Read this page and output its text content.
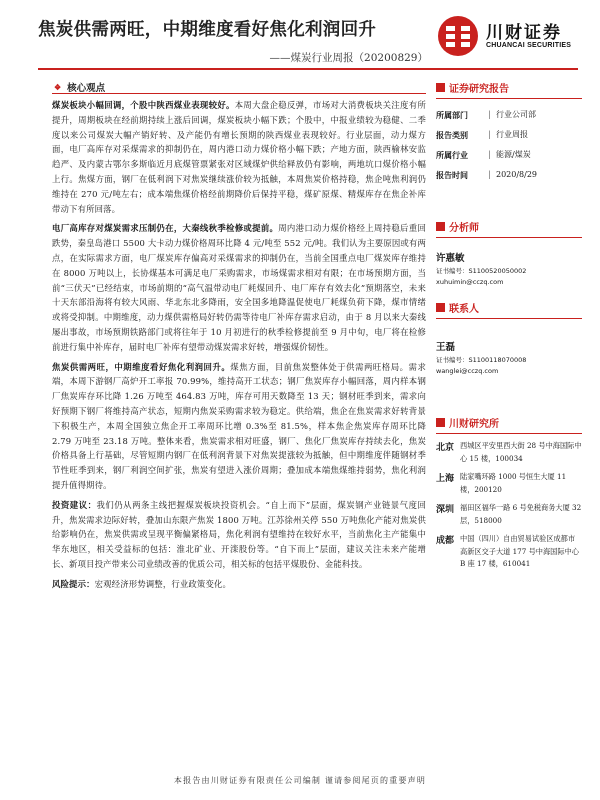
焦炭供需两旺，中期维度看好焦化利润回升
——煤炭行业周报（20200829）
川财证券
CHUANCAI SECURITIES
❖ 核心观点
煤炭板块小幅回调，个股中陕西煤业表现较好。本周大盘企稳反弹，市场对大消费板块关注度有所提升，周期板块在经前期持续上涨后回调，煤炭板块小幅下跌；个股中，中报业绩较为稳健、二季度以来公司煤炭大幅产销好转、及产能仍有增长预期的陕西煤业表现较好。行业层面，动力煤方面，电厂高库存对采煤需求的抑制仍在，周内港口动力煤价格小幅下跌；产地方面，陕西榆林安监趋严、及内蒙古鄂尔多斯临近月底煤管票紧张对区域煤炉供给释放仍有影响，两地坑口煤价格小幅上行。焦煤方面，钢厂在低利润下对焦炭继续涨价较为抵触，本周焦炭价格持稳，焦企吨焦利润仍维持在 270 元/吨左右；成本端焦煤价格经前期降价后保持平稳，煤矿原煤、精煤库存在焦企补库带动下有所回落。
电厂高库存对煤炭需求压制仍在，大秦线秋季检修或提前。周内港口动力煤价格经上周持稳后重回跌势，秦皇岛港口 5500 大卡动力煤价格周环比降 4 元/吨至 552 元/吨。我们认为主要原因或有两点，在实际需求方面，电厂煤炭库存偏高对采煤需求的抑制仍在，当前全国重点电厂煤炭库存维持在 8000 万吨以上，长协煤基本可满足电厂采购需求，市场煤需求相对有限；在市场预期方面，当前“三伏天”已经结束，市场前期的“高气温带动电厂耗煤回升、电厂库存有效去化”预期落空，未来十天东部沿海将有较大风雨、华北东北多降雨，安全国多地降温促使电厂耗煤负荷下降，煤市情绪或将受抑制。中期维度，动力煤供需格局好转仍需等待电厂补库存需求启动，由于 8 月以来大秦线屡出事故，市场预期铁路部门或将往年于 10 月初进行的秋季检修提前至 9 月中旬，电厂将在检修前进行集中补库存，届时电厂补库有望带动煤炭需求好转，增强煤价韧性。
焦炭供需两旺，中期维度看好焦化利润回升。煤焦方面，目前焦炭整体处于供需两旺格局。需求端，本周下游钢厂高炉开工率报 70.99%，维持高开工状态；钢厂焦炭库存小幅回落，周内样本钢厂焦炭库存环比降 1.26 万吨至 464.83 万吨，库存可用天数降至 13 天；钢材旺季到来，需求向好预期下钢厂将维持高产状态，短期内焦炭采购需求较为稳定。供给端，焦企在焦炭需求好转背景下积极生产，本周全国独立焦企开工率周环比增 0.3%至 81.5%，样本焦企焦炭库存周环比降 2.79 万吨至 23.18 万吨。整体来看，焦炭需求相对旺盛，钢厂、焦化厂焦炭库存持续去化，焦炭价格具备上行基础，尽管短期内钢厂在低利润背景下对焦炭提涨较为抵触，但中期维度伴随钢材季节性旺季到来，钢厂利润空间扩张，焦炭有望进入涨价周期；叠加成本端焦煤维持弱势，焦化利润提升值得期待。
投资建议：我们仍从两条主线把握煤炭板块投资机会。“自上而下”层面，煤炭钢产业链景气度回升，焦炭需求边际好转，叠加山东限产焦炭 1800 万吨。江苏徐州关停 550 万吨焦化产能对焦炭供给影响仍在，焦炭供需或呈现平衡偏紧格局，焦化利润有望维持在较好水平，当前焦化主产能集中华东地区，相关受益标的包括：淮北矿业、开滦股份等。“自下而上”层面，建议关注未来产能增长、新项目投产带来公司业绩改善的优质公司，相关标的包括平煤股份、金能科技。
风险提示：宏观经济形势调整，行业政策变化。
证券研究报告
所属部门	| 行业公司部
报告类别	| 行业周报
所属行业	| 能源/煤炭
报告时间	| 2020/8/29
分析师
许惠敏
证书编号：S1100520050002
xuhuimin@cczq.com
联系人
王磊
证书编号：S1100118070008
wanglei@cczq.com
川财研究所
北京 西城区平安里西大街 28 号中海国际中心 15 楼，100034
上海 陆家嘴环路 1000 号恒生大厦 11 楼，200120
深圳 福田区福华一路 6 号免税商务大厦 32 层，518000
成都 中国（四川）自由贸易试验区成都市高新区交子大道 177 号中海国际中心 B 座 17 楼，610041
本报告由川财证券有限责任公司编制 谨请参阅尾页的重要声明
